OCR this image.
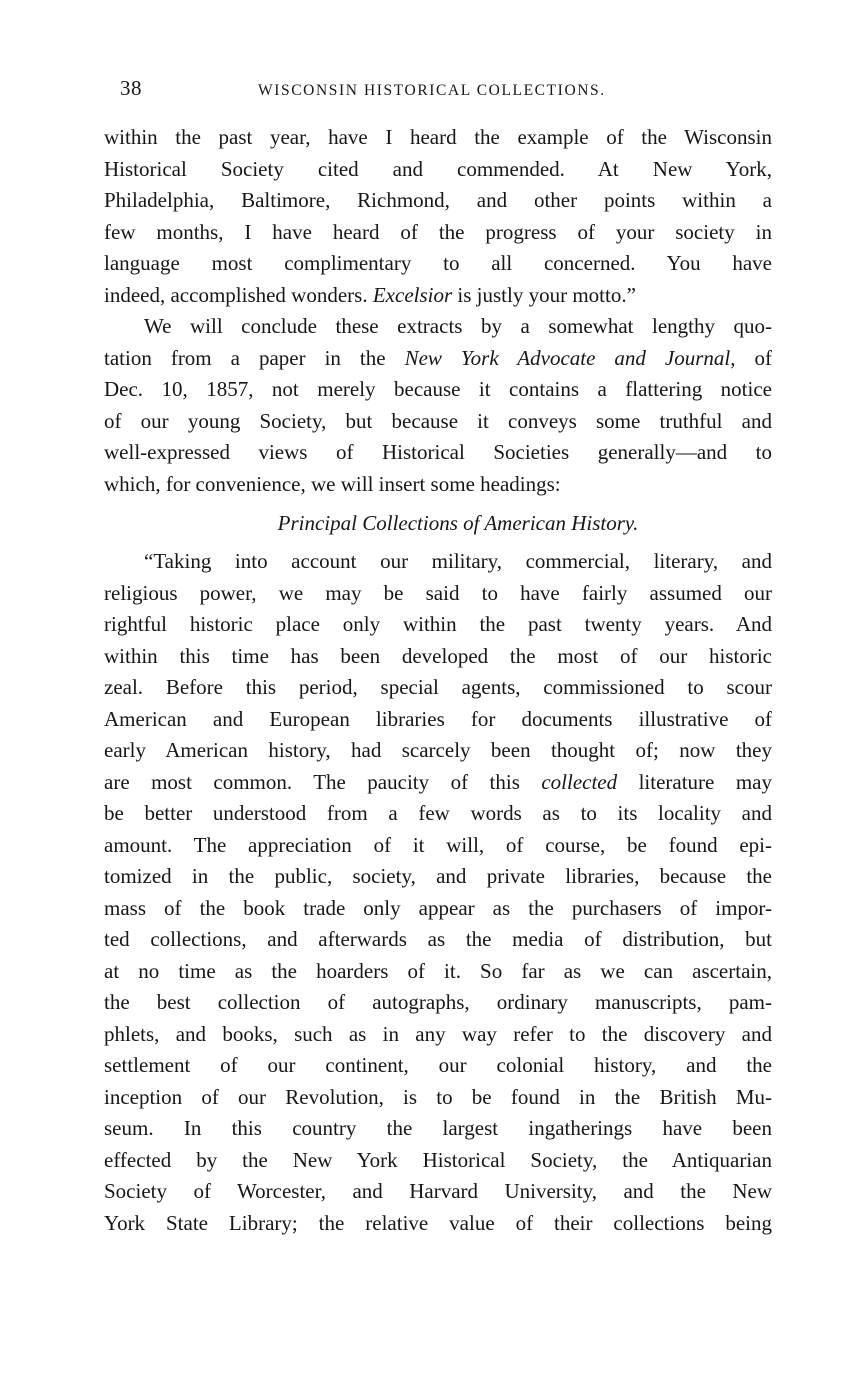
38	WISCONSIN HISTORICAL COLLECTIONS.
within the past year, have I heard the example of the Wisconsin
Historical Society cited and commended. At New York,
Philadelphia, Baltimore, Richmond, and other points within a
few months, I have heard of the progress of your society in
language most complimentary to all concerned. You have
indeed, accomplished wonders. Excelsior is justly your motto.”
We will conclude these extracts by a somewhat lengthy quo-
tation from a paper in the New York Advocate and Journal, of
Dec. 10, 1857, not merely because it contains a flattering notice
of our young Society, but because it conveys some truthful and
well-expressed views of Historical Societies generally—and to
which, for convenience, we will insert some headings:
Principal Collections of American History.
“Taking into account our military, commercial, literary, and
religious power, we may be said to have fairly assumed our
rightful historic place only within the past twenty years. And
within this time has been developed the most of our historic
zeal. Before this period, special agents, commissioned to scour
American and European libraries for documents illustrative of
early American history, had scarcely been thought of; now they
are most common. The paucity of this collected literature may
be better understood from a few words as to its locality and
amount. The appreciation of it will, of course, be found epi-
tomized in the public, society, and private libraries, because the
mass of the book trade only appear as the purchasers of impor-
ted collections, and afterwards as the media of distribution, but
at no time as the hoarders of it. So far as we can ascertain,
the best collection of autographs, ordinary manuscripts, pam-
phlets, and books, such as in any way refer to the discovery and
settlement of our continent, our colonial history, and the
inception of our Revolution, is to be found in the British Mu-
seum. In this country the largest ingatherings have been
effected by the New York Historical Society, the Antiquarian
Society of Worcester, and Harvard University, and the New
York State Library; the relative value of their collections being
